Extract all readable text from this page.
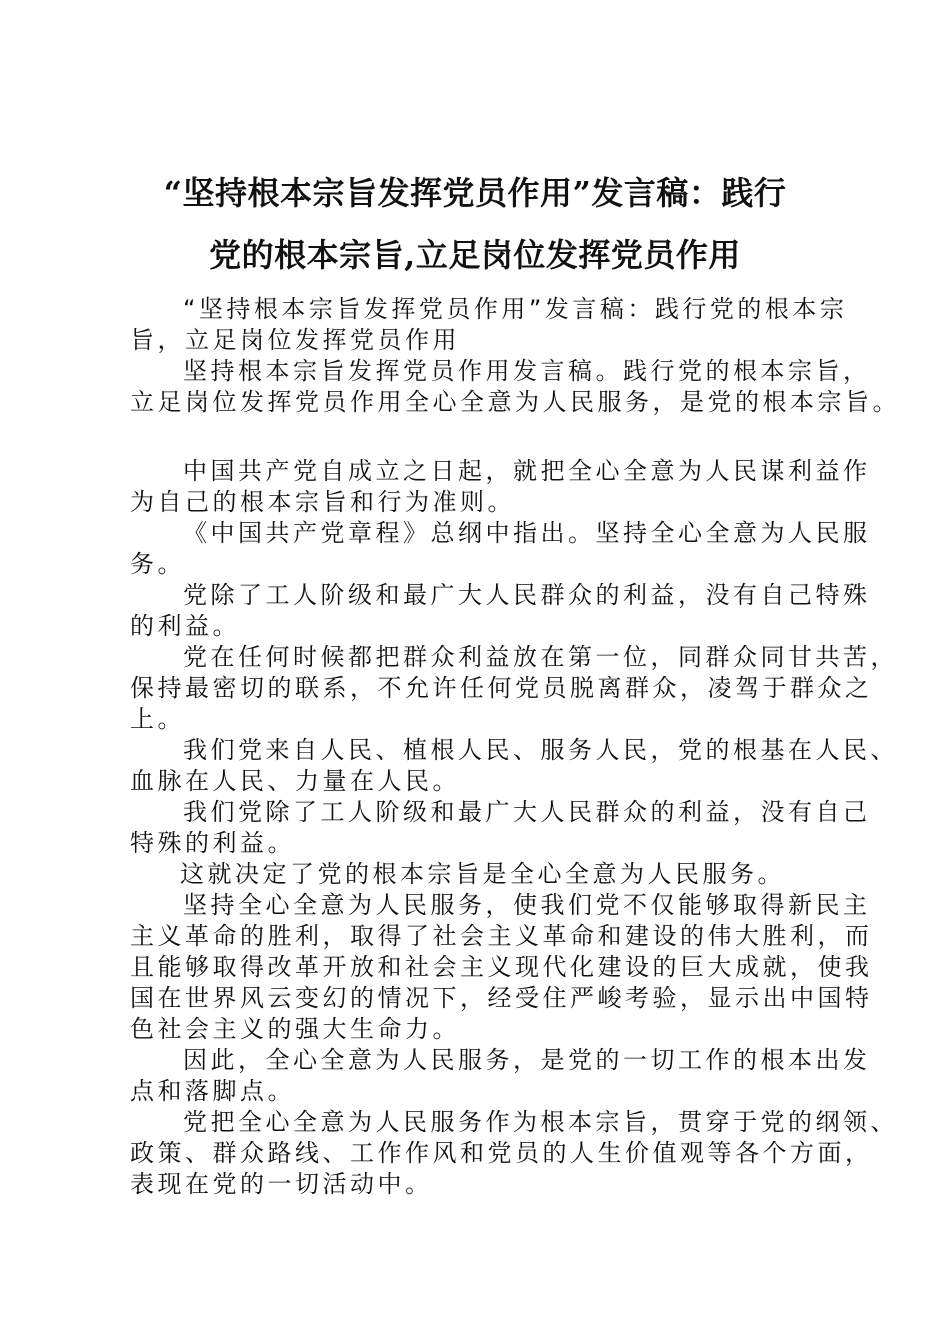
“坚持根本宗旨发挥党员作用”发言稿：践行
党的根本宗旨,立足岗位发挥党员作用

“坚持根本宗旨发挥党员作用”发言稿：践行党的根本宗
旨，立足岗位发挥党员作用

坚持根本宗旨发挥党员作用发言稿。践行党的根本宗旨，
立足岗位发挥党员作用全心全意为人民服务，是党的根本宗旨。

中国共产党自成立之日起，就把全心全意为人民谋利益作
为自己的根本宗旨和行为准则。

《中国共产党章程》总纲中指出。坚持全心全意为人民服
务。

党除了工人阶级和最广大人民群众的利益，没有自己特殊
的利益。

党在任何时候都把群众利益放在第一位，同群众同甘共苦，
保持最密切的联系，不允许任何党员脱离群众，凌驾于群众之
上。

我们党来自人民、植根人民、服务人民，党的根基在人民、
血脉在人民、力量在人民。

我们党除了工人阶级和最广大人民群众的利益，没有自己
特殊的利益。

这就决定了党的根本宗旨是全心全意为人民服务。

坚持全心全意为人民服务，使我们党不仅能够取得新民主
主义革命的胜利，取得了社会主义革命和建设的伟大胜利，而
且能够取得改革开放和社会主义现代化建设的巨大成就，使我
国在世界风云变幻的情况下，经受住严峻考验，显示出中国特
色社会主义的强大生命力。

因此，全心全意为人民服务，是党的一切工作的根本出发
点和落脚点。

党把全心全意为人民服务作为根本宗旨，贯穿于党的纲领、
政策、群众路线、工作作风和党员的人生价值观等各个方面，
表现在党的一切活动中。
